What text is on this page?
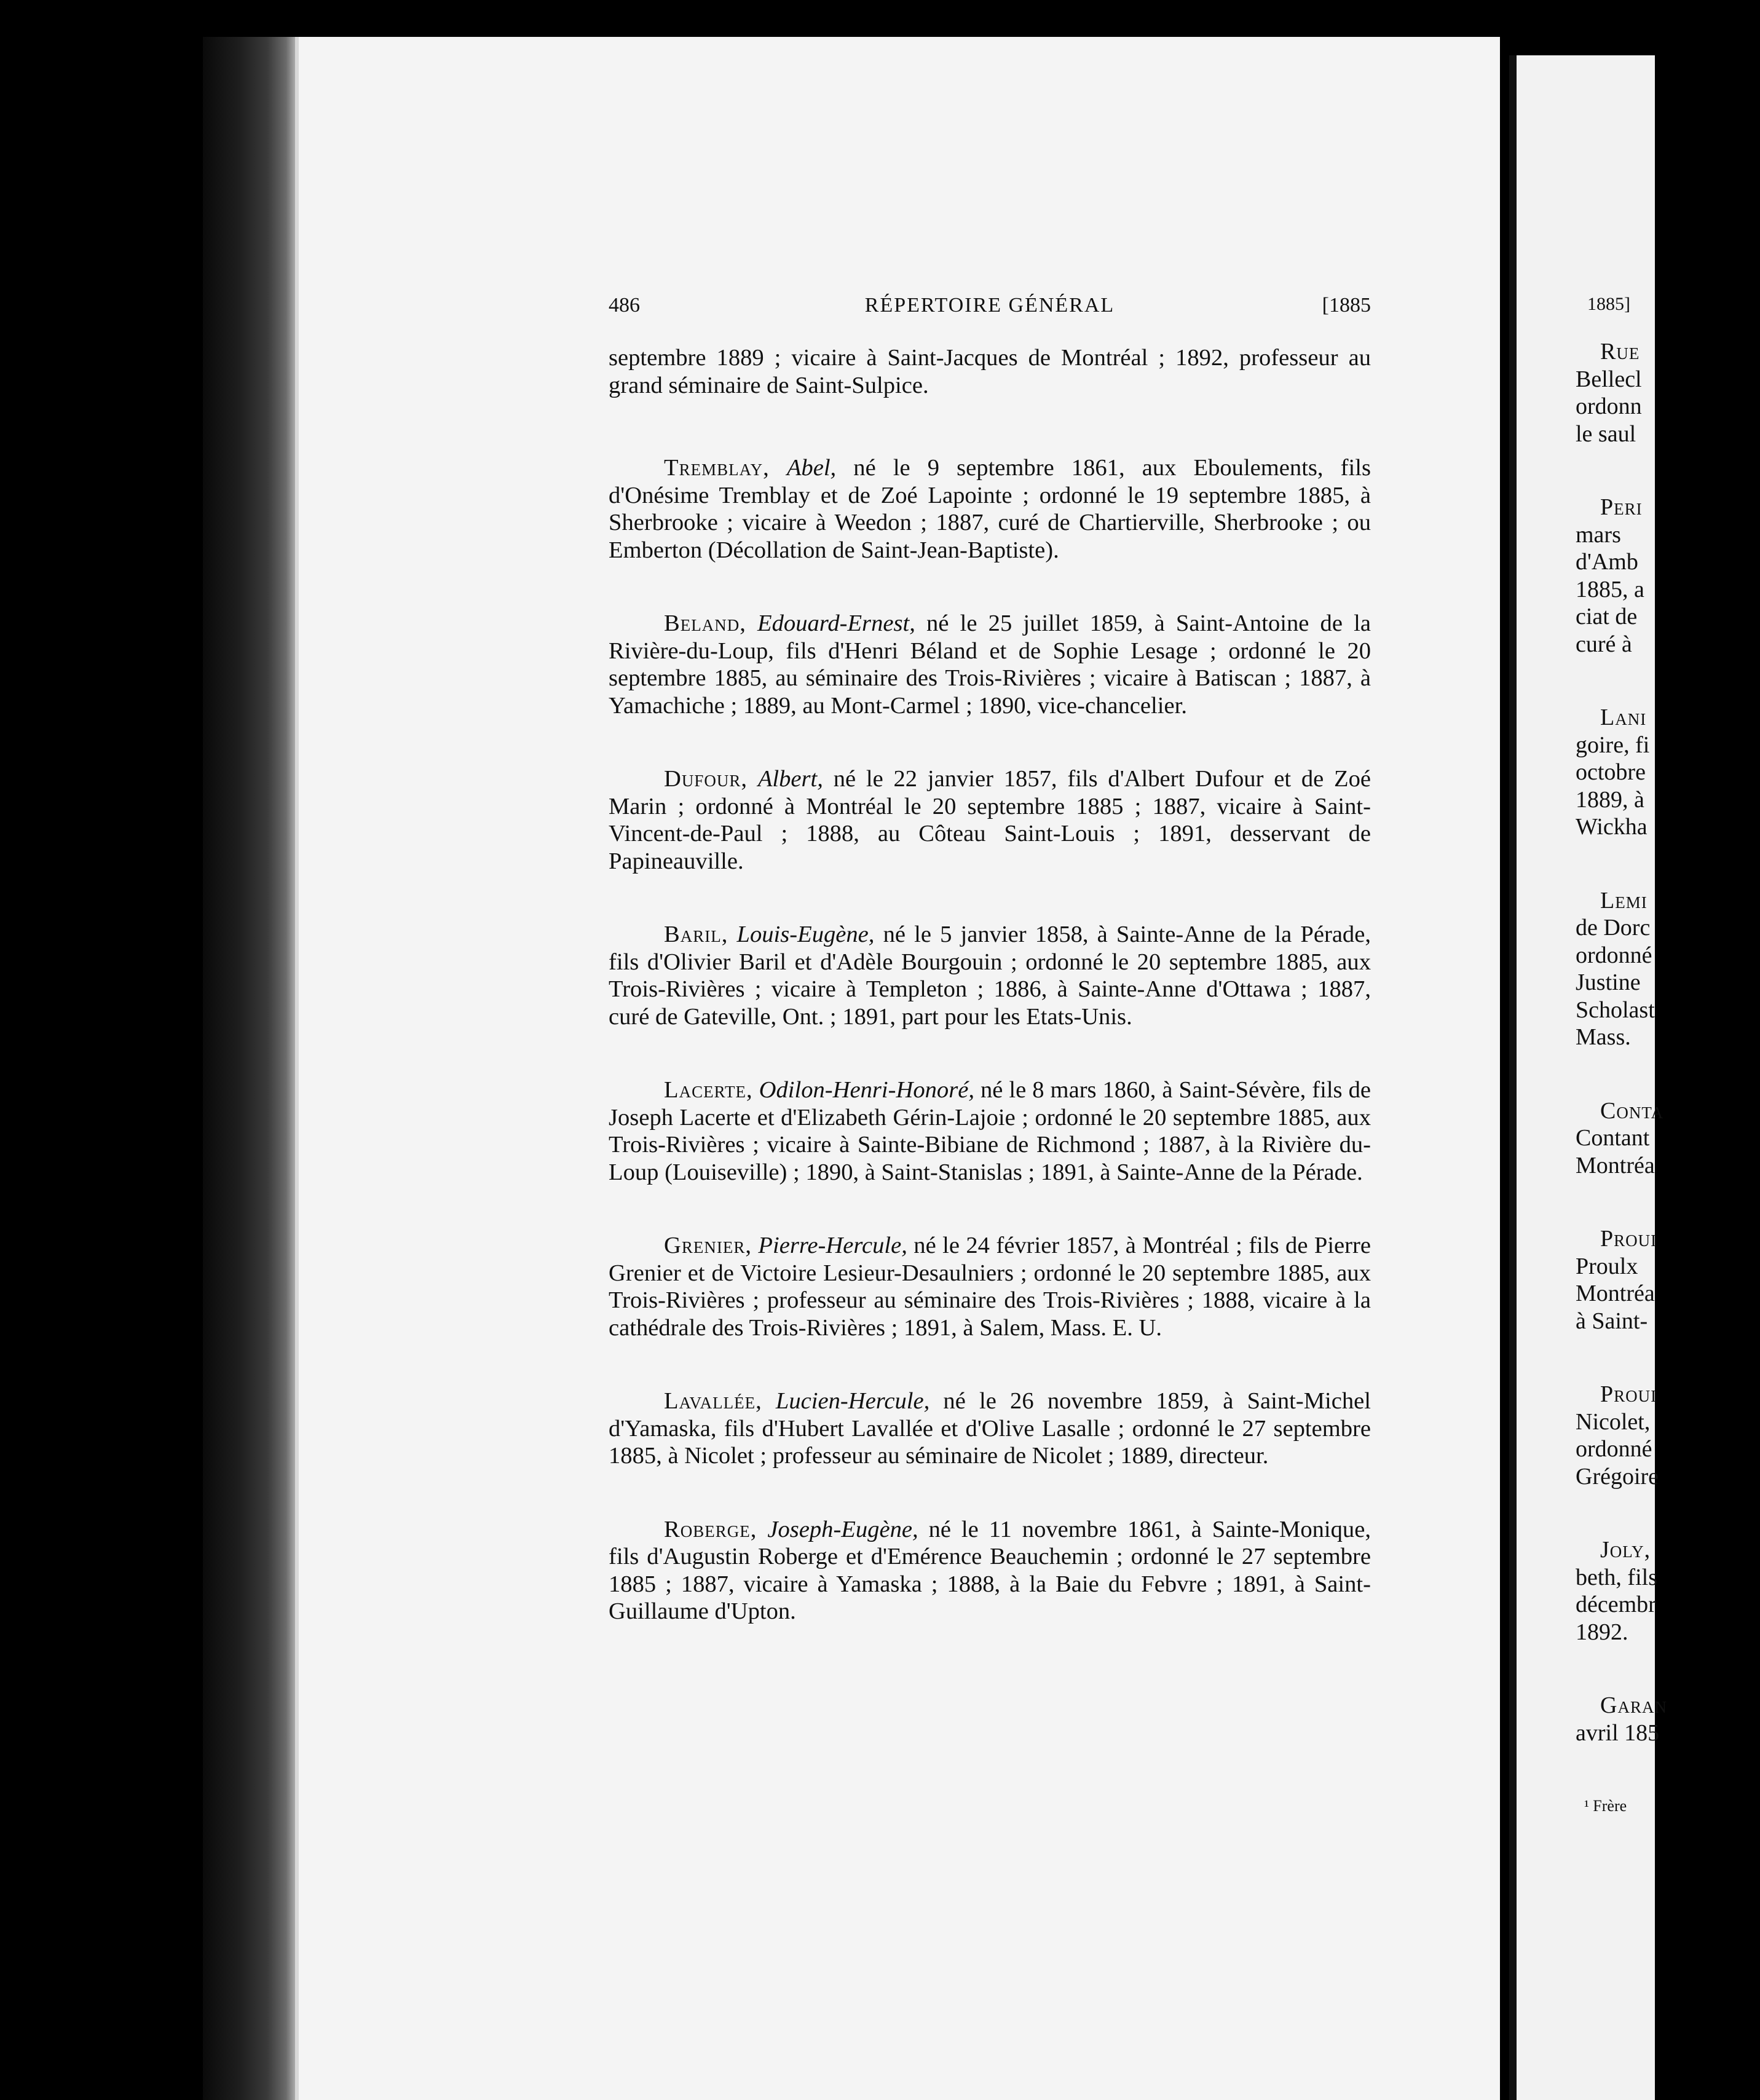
486	RÉPERTOIRE GÉNÉRAL	[1885

septembre 1889 ; vicaire à Saint-Jacques de Montréal ; 1892, professeur au grand séminaire de Saint-Sulpice.

Tremblay, Abel, né le 9 septembre 1861, aux Eboulements, fils d'Onésime Tremblay et de Zoé Lapointe ; ordonné le 19 septembre 1885, à Sherbrooke ; vicaire à Weedon ; 1887, curé de Chartierville, Sherbrooke ; ou Emberton (Décollation de Saint-Jean-Baptiste).

Beland, Edouard-Ernest, né le 25 juillet 1859, à Saint-Antoine de la Rivière-du-Loup, fils d'Henri Béland et de Sophie Lesage ; ordonné le 20 septembre 1885, au séminaire des Trois-Rivières ; vicaire à Batiscan ; 1887, à Yamachiche ; 1889, au Mont-Carmel ; 1890, vice-chancelier.

Dufour, Albert, né le 22 janvier 1857, fils d'Albert Dufour et de Zoé Marin ; ordonné à Montréal le 20 septembre 1885 ; 1887, vicaire à Saint-Vincent-de-Paul ; 1888, au Côteau Saint-Louis ; 1891, desservant de Papineauville.

Baril, Louis-Eugène, né le 5 janvier 1858, à Sainte-Anne de la Pérade, fils d'Olivier Baril et d'Adèle Bourgouin ; ordonné le 20 septembre 1885, aux Trois-Rivières ; vicaire à Templeton ; 1886, à Sainte-Anne d'Ottawa ; 1887, curé de Gateville, Ont. ; 1891, part pour les Etats-Unis.

Lacerte, Odilon-Henri-Honoré, né le 8 mars 1860, à Saint-Sévère, fils de Joseph Lacerte et d'Elizabeth Gérin-Lajoie ; ordonné le 20 septembre 1885, aux Trois-Rivières ; vicaire à Sainte-Bibiane de Richmond ; 1887, à la Rivière du-Loup (Louiseville) ; 1890, à Saint-Stanislas ; 1891, à Sainte-Anne de la Pérade.

Grenier, Pierre-Hercule, né le 24 février 1857, à Montréal ; fils de Pierre Grenier et de Victoire Lesieur-Desaulniers ; ordonné le 20 septembre 1885, aux Trois-Rivières ; professeur au séminaire des Trois-Rivières ; 1888, vicaire à la cathédrale des Trois-Rivières ; 1891, à Salem, Mass. E. U.

Lavallée, Lucien-Hercule, né le 26 novembre 1859, à Saint-Michel d'Yamaska, fils d'Hubert Lavallée et d'Olive Lasalle ; ordonné le 27 septembre 1885, à Nicolet ; professeur au séminaire de Nicolet ; 1889, directeur.

Roberge, Joseph-Eugène, né le 11 novembre 1861, à Sainte-Monique, fils d'Augustin Roberge et d'Emérence Beauchemin ; ordonné le 27 septembre 1885 ; 1887, vicaire à Yamaska ; 1888, à la Baie du Febvre ; 1891, à Saint-Guillaume d'Upton.

1885]
Rue
Bellecl
ordonn
le saul
Peri
mars
d'Amb
1885, a
ciat de
curé à
Lani
goire, fi
octobre
1889, à
Wickha
Lemi
de Dorc
ordonné
Justine
Scholast
Mass.
Conta
Contant
Montréa
Proui
Proulx
Montréa
à Saint-
Proui
Nicolet,
ordonné
Grégoire
Joly,
beth, fils
décembr
1892.
Garan
avril 185
¹ Frère
